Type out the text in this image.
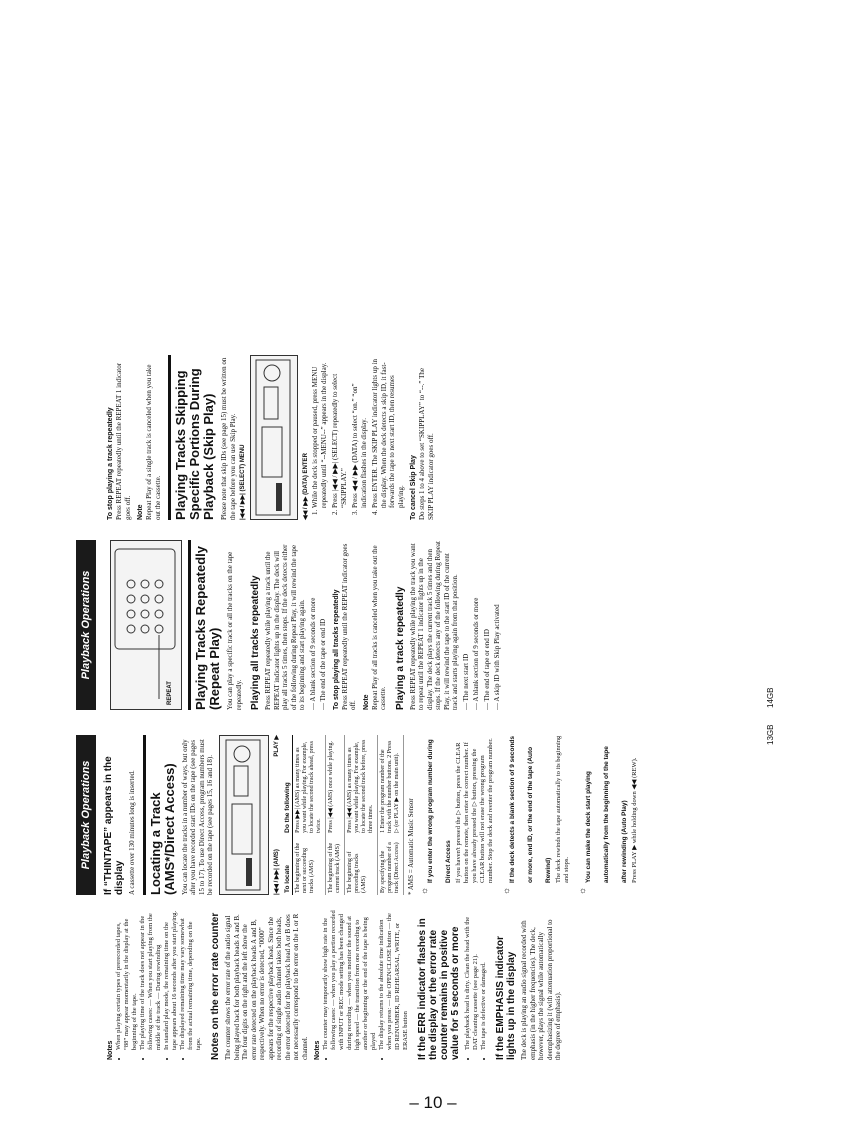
Notes
• When playing certain types of prerecorded tapes, “88” may appear momentarily in the display at the beginning of the tape. • The playing time of the track does not appear in the following cases: — When you start playing from the middle of the track — During rewinding • In standard play mode, the remaining time on the tape appears about 16 seconds after you start playing. • The displayed remaining time may vary somewhat from the actual remaining time, depending on the tape. Notes on the error rate counter The counter shows the error rate of the audio signal being played back for both playback heads A and B. The four digits on the right and the left show the error rate detected on the playback heads A and B, respectively. When no error is detected, “0000” appears for the respective playback head. Since the recording of single audio channel takes both heads, the error detected for the playback head A or B does not necessarily correspond to the error on the L or R channel. Notes
• The counter may temporarily show high rate in the following cases: — when you play a portion recorded with INPUT or REC mode setting has been changed during recording — when you monitor the sound at high speed — the transition from one recording to another or beginning or the end of the tape is being played • The display returns to the absolute time indication when you press: — the OPEN/CLOSE button — the ID RENUMBER, ID REHEARSAL, WRITE, or ERASE button If the ERR indicator flashes in the display or the error rate counter remains in positive value for 5 seconds or more • The playback head is dirty. Clean the head with the DAT cleaning cassette (see page 21). • The tape is defective or damaged. If the EMPHASIS indicator lights up in the display The deck is playing an audio signal recorded with emphasis (in the higher frequencies). The deck, however, plays the signal while automatically deemphasizing it (with attenuation proportional to the degree of emphasis).

Playback Operations	If “THINTAPE” appears in the display A cassette over 130 minutes long is inserted. Locating a Track (AMS*/Direct Access) You can locate the tracks in a number of ways, but only after you have recorded start IDs on the tape (see pages 15 to 17). To use Direct Access, program numbers must be recorded on the tape (see pages 15, 16 and 18).	|◀◀ / ▶▶| (AMS)
PLAY ▶
To locate	Do the following
The beginning of the next or succeeding tracks (AMS)	Press ▶▶| (AMS) as many times as you want while playing. For example, to locate the second track ahead, press twice.
The beginning of the current track (AMS)	Press |◀◀ (AMS) once while playing.
The beginning of preceding tracks (AMS)	Press |◀◀ (AMS) as many times as you want while playing. For example, to locate the second track before, press three times.
By specifying the program number of a track (Direct Access)	1 Enter the program number of the track with the number buttons. 2 Press ▷ (or PLAY ▶ on the main unit).

* AMS = Automatic Music Sensor ☼
If you enter the wrong program number during Direct Access If you haven't pressed the ▷ button, press the CLEAR button on the remote, then enter the correct number. If you have already pressed the ▷ button, pressing the CLEAR button will not erase the wrong program number. Stop the deck and reenter the program number.

☼
If the deck detects a blank section of 9 seconds or more, end ID, or the end of the tape (Auto Rewind) The deck rewinds the tape automatically to its beginning and stops.

☼
You can make the deck start playing automatically from the beginning of the tape after rewinding (Auto Play) Press PLAY ▶ while holding down ◀◀ (REW).

Playback Operations
REPEAT	Playing Tracks Repeatedly (Repeat Play) You can play a specific track or all the tracks on the tape repeatedly. Playing all tracks repeatedly Press REPEAT repeatedly while playing a track until the REPEAT indicator lights up in the display. The deck will play all tracks 5 times, then stops. If the deck detects either of the following during Repeat Play, it will rewind the tape to its beginning and start playing again. — A blank section of 9 seconds or more — The end of the tape or end ID To stop playing all tracks repeatedly Press REPEAT repeatedly until the REPEAT indicator goes off. Note Repeat Play of all tracks is canceled when you take out the cassette. Playing a track repeatedly Press REPEAT repeatedly while playing the track you want to repeat until the REPEAT 1 indicator lights up in the display. The deck plays the current track 5 times and then stops. If the deck detects any of the following during Repeat Play, it will rewind the tape to the start ID of the current track and starts playing again from that position. — The next start ID — A blank section of 9 seconds or more — The end of tape or end ID — A skip ID with Skip Play activated

To stop playing a track repeatedly Press REPEAT repeatedly until the REPEAT 1 indicator goes off. Note Repeat Play of a single track is canceled when you take out the cassette. Playing Tracks Skipping Specific Portions During Playback (Skip Play) Please note that skip IDs (see page 15) must be written on the tape before you can use Skip Play. |◀◀ / ▶▶| (SELECT) MENU	◀◀ / ▶▶ (DATA) ENTER 1. While the deck is stopped or paused, press MENU repeatedly until “--MENU--” appears in the display. 2. Press |◀◀ / ▶▶| (SELECT) repeatedly to select “SKIPPLAY.” 3. Press ◀◀ / ▶▶ (DATA) to select “on.” “on” indication flashes in the display. 4. Press ENTER. The SKIP PLAY indicator lights up in the display. When the deck detects a skip ID, it fast-forwards the tape to next start ID, then resumes playing. To cancel Skip Play Do steps 1 to 4 above to set “SKIPPLAY” to “--.” The SKIP PLAY indicator goes off.

13GB
14GB
– 10 –
